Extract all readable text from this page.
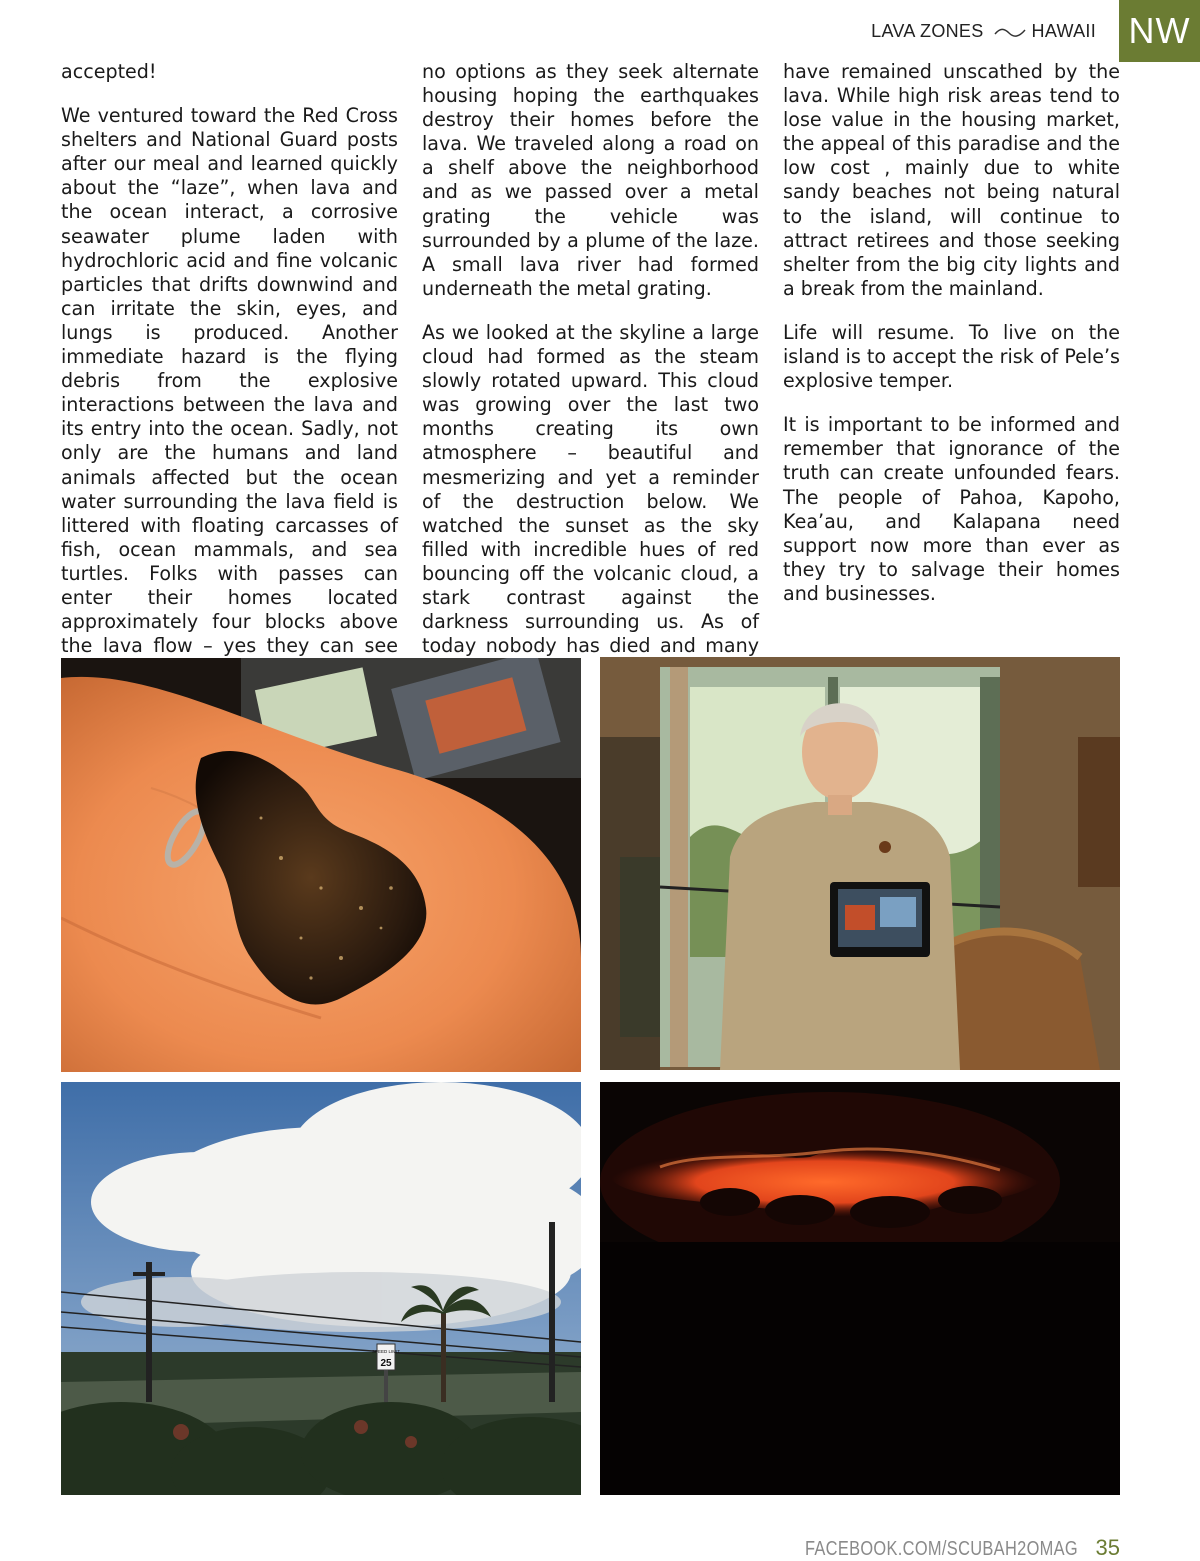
LAVA ZONES	HAWAII NW

accepted!

We ventured toward the Red Cross shelters and National Guard posts after our meal and learned quickly about the “laze”, when lava and the ocean interact, a corrosive seawater plume laden with hydrochloric acid and fine volcanic particles that drifts downwind and can irritate the skin, eyes, and lungs is produced. Another immediate hazard is the flying debris from the explosive interactions between the lava and its entry into the ocean. Sadly, not only are the humans and land animals affected but the ocean water surrounding the lava field is littered with floating carcasses of fish, ocean mammals, and sea turtles. Folks with passes can enter their homes located approximately four blocks above the lava flow – yes they can see

no options as they seek alternate housing hoping the earthquakes destroy their homes before the lava. We traveled along a road on a shelf above the neighborhood and as we passed over a metal grating the vehicle was surrounded by a plume of the laze. A small lava river had formed underneath the metal grating.

As we looked at the skyline a large cloud had formed as the steam slowly rotated upward. This cloud was growing over the last two months creating its own atmosphere – beautiful and mesmerizing and yet a reminder of the destruction below. We watched the sunset as the sky filled with incredible hues of red bouncing off the volcanic cloud, a stark contrast against the darkness surrounding us. As of today nobody has died and many

have remained unscathed by the lava. While high risk areas tend to lose value in the housing market, the appeal of this paradise and the low cost , mainly due to white sandy beaches not being natural to the island, will continue to attract retirees and those seeking shelter from the big city lights and a break from the mainland.

Life will resume. To live on the island is to accept the risk of Pele’s explosive temper.

It is important to be informed and remember that ignorance of the truth can create unfounded fears. The people of Pahoa, Kapoho, Kea’au, and Kalapana need support now more than ever as they try to salvage their homes and businesses.

SPEED LIMIT
25
FACEBOOK.COM/SCUBAH2OMAG 35
